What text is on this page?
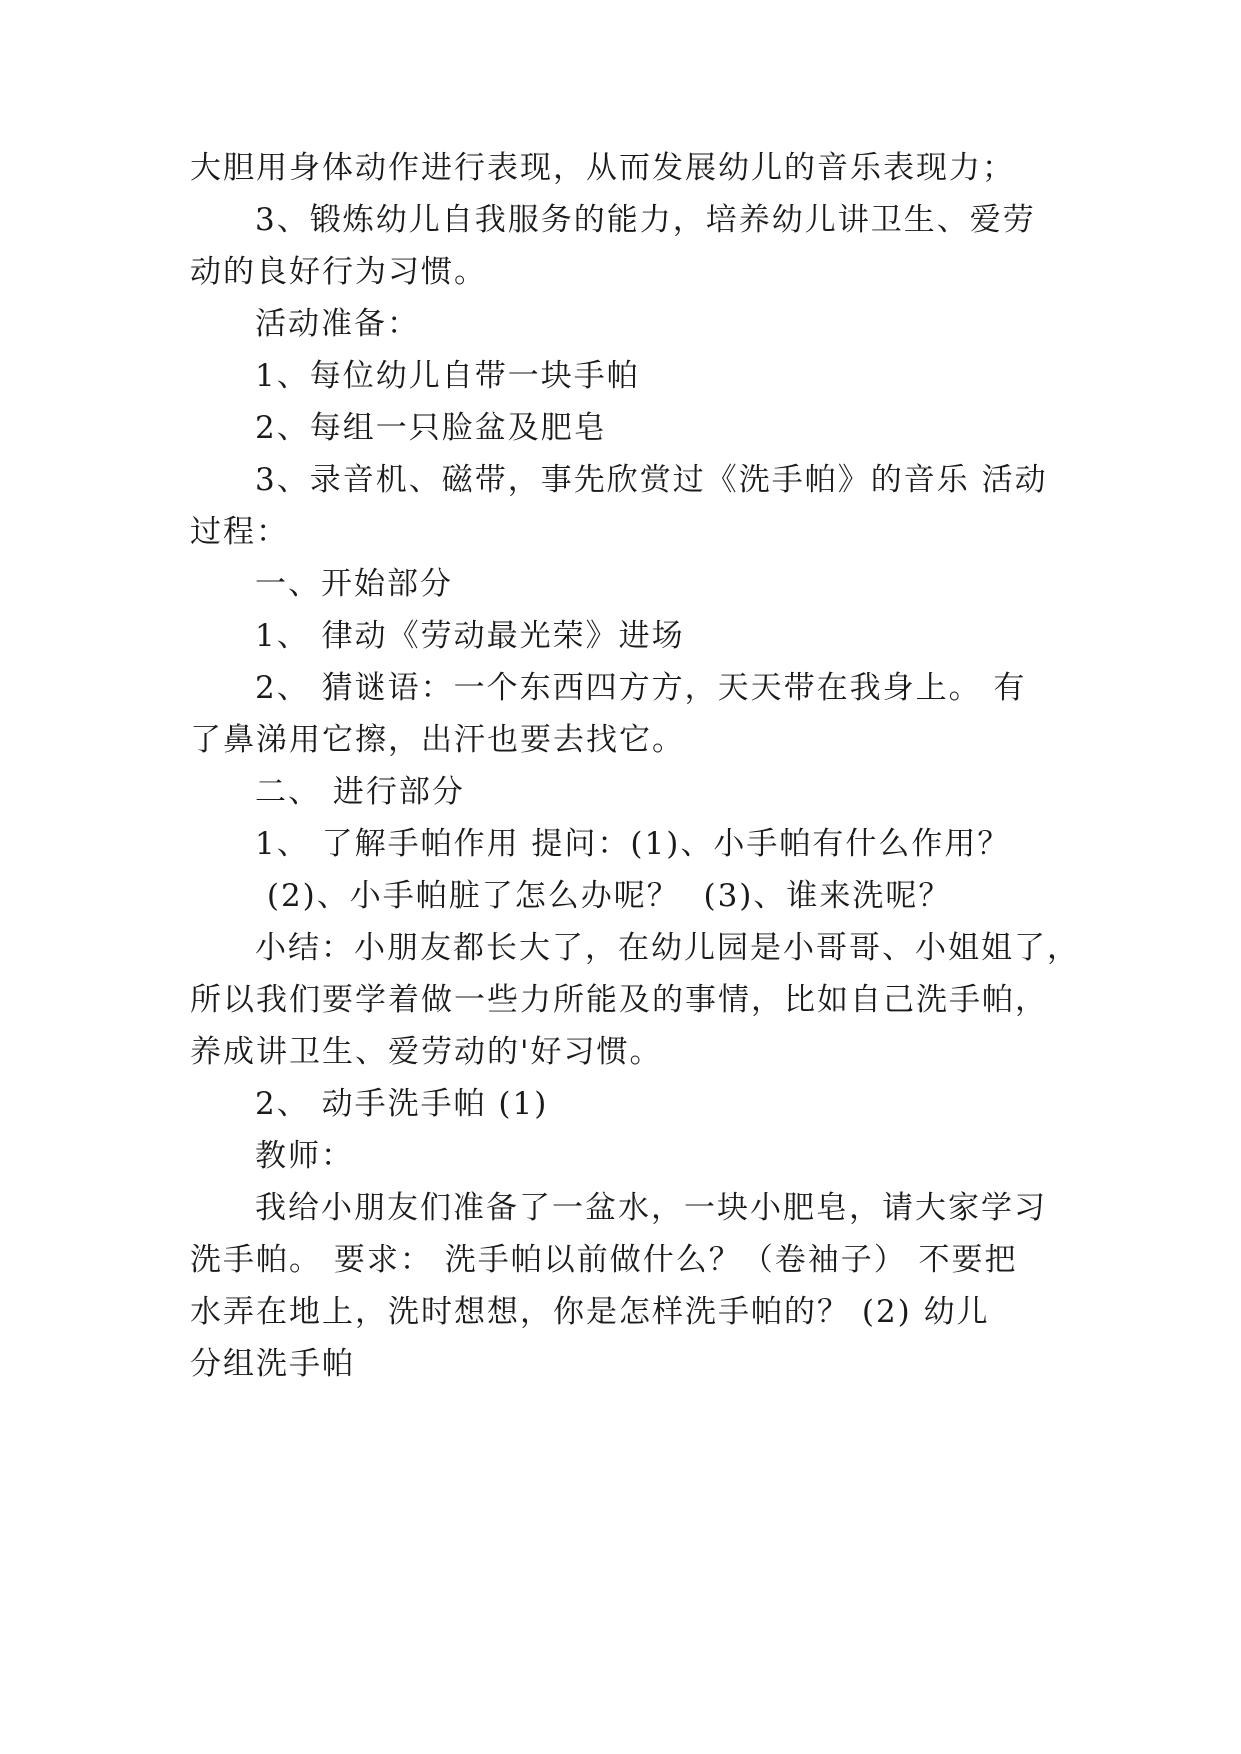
大胆用身体动作进行表现，从而发展幼儿的音乐表现力；
3、锻炼幼儿自我服务的能力，培养幼儿讲卫生、爱劳
动的良好行为习惯。
活动准备：
1、每位幼儿自带一块手帕
2、每组一只脸盆及肥皂
3、录音机、磁带，事先欣赏过《洗手帕》的音乐 活动
过程：
一、开始部分
1、 律动《劳动最光荣》进场
2、 猜谜语：一个东西四方方，天天带在我身上。 有
了鼻涕用它擦，出汗也要去找它。
二、 进行部分
1、 了解手帕作用 提问：(1)、小手帕有什么作用？
(2)、小手帕脏了怎么办呢？  (3)、谁来洗呢？
小结：小朋友都长大了，在幼儿园是小哥哥、小姐姐了，
所以我们要学着做一些力所能及的事情，比如自己洗手帕，
养成讲卫生、爱劳动的'好习惯。
2、 动手洗手帕 (1)
教师：
我给小朋友们准备了一盆水，一块小肥皂，请大家学习
洗手帕。 要求： 洗手帕以前做什么？（卷袖子） 不要把
水弄在地上，洗时想想，你是怎样洗手帕的？ (2) 幼儿
分组洗手帕
